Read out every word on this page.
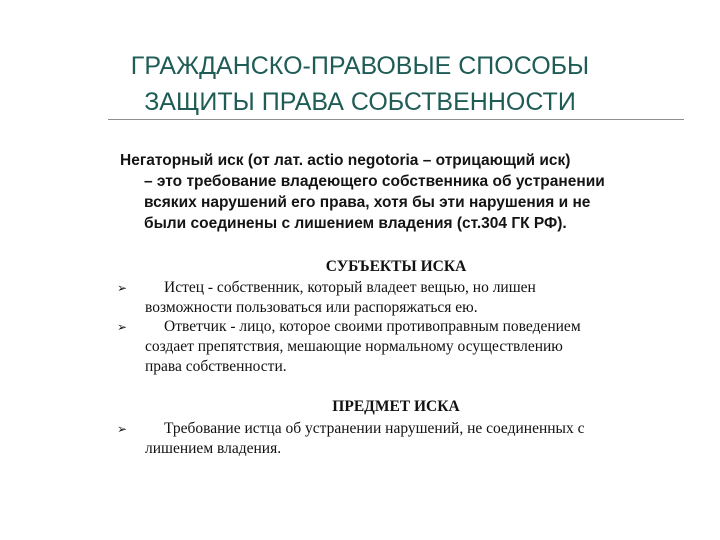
ГРАЖДАНСКО-ПРАВОВЫЕ СПОСОБЫ
ЗАЩИТЫ ПРАВА СОБСТВЕННОСТИ
Негаторный иск (от лат. actio negotoria – отрицающий иск)
– это требование владеющего собственника об устранении
всяких нарушений его права, хотя бы эти нарушения и не
были соединены с лишением владения (ст.304 ГК РФ).
СУБЪЕКТЫ ИСКА
➢	Истец - собственник, который владеет вещью, но лишен
возможности пользоваться или распоряжаться ею.
➢	Ответчик - лицо, которое своими противоправным поведением
создает препятствия, мешающие нормальному осуществлению
права собственности.
ПРЕДМЕТ ИСКА
➢	Требование истца об устранении нарушений, не соединенных с
лишением владения.
